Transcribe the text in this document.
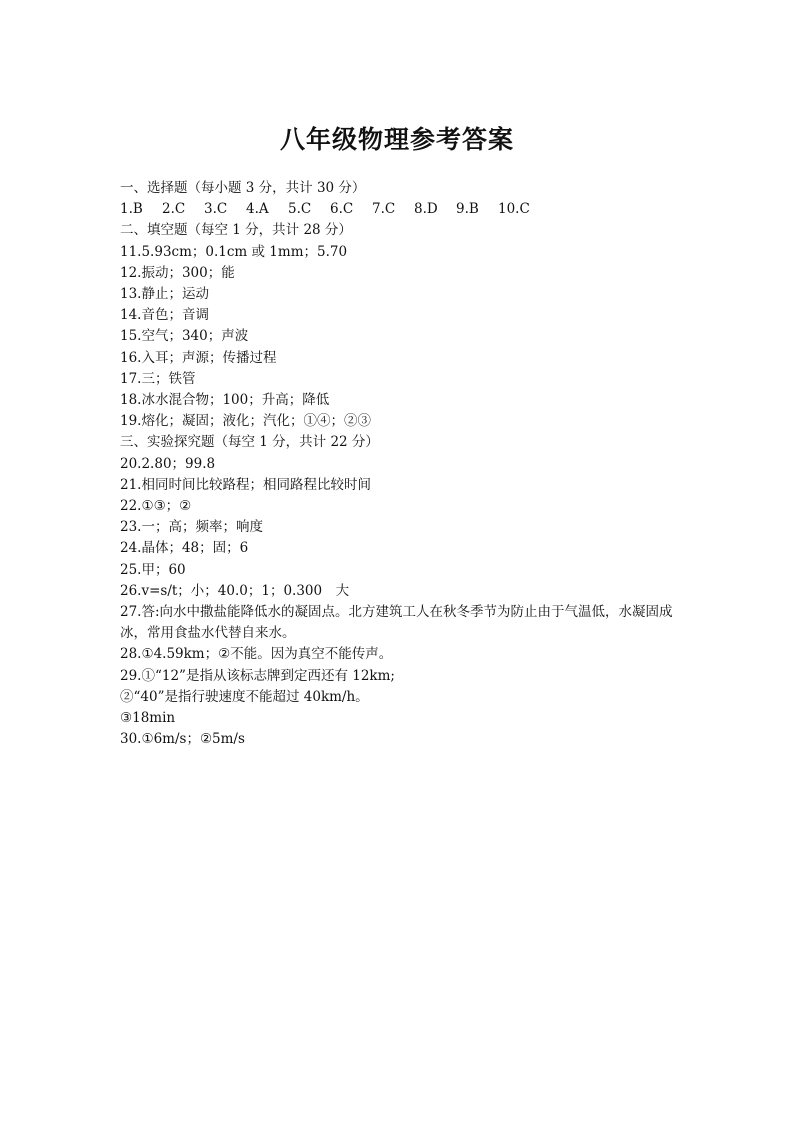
八年级物理参考答案
一、选择题（每小题 3 分，共计 30 分）
1.B	2.C	3.C	4.A	5.C	6.C	7.C	8.D	9.B	10.C
二、填空题（每空 1 分，共计 28 分）
11.5.93cm；0.1cm 或 1mm；5.70
12.振动；300；能
13.静止；运动
14.音色；音调
15.空气；340；声波
16.入耳；声源；传播过程
17.三；铁管
18.冰水混合物；100；升高；降低
19.熔化；凝固；液化；汽化；①④；②③
三、实验探究题（每空 1 分，共计 22 分）
20.2.80；99.8
21.相同时间比较路程；相同路程比较时间
22.①③；②
23.一；高；频率；响度
24.晶体；48；固；6
25.甲；60
26.v=s/t；小；40.0；1；0.300　大
27.答:向水中撒盐能降低水的凝固点。北方建筑工人在秋冬季节为防止由于气温低，水凝固成冰，常用食盐水代替自来水。
28.①4.59km；②不能。因为真空不能传声。
29.①“12”是指从该标志牌到定西还有 12km;
②“40”是指行驶速度不能超过 40km/h。
③18min
30.①6m/s；②5m/s
